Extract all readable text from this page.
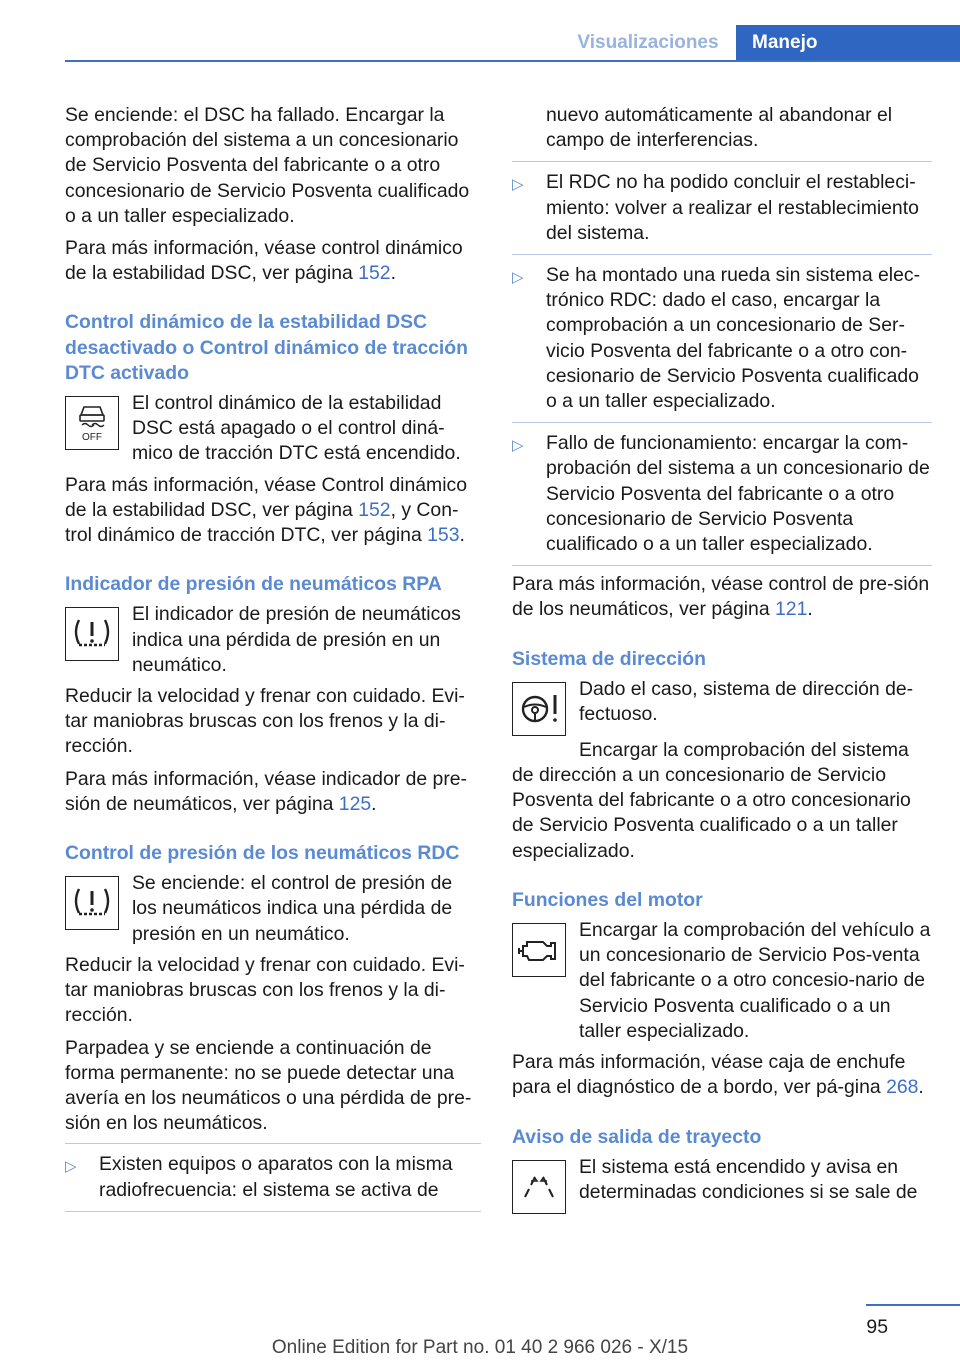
Visualizaciones	Manejo

Se enciende: el DSC ha fallado. Encargar la comprobación del sistema a un concesionario de Servicio Posventa del fabricante o a otro concesionario de Servicio Posventa cualificado o a un taller especializado.

Para más información, véase control dinámico de la estabilidad DSC, ver página 152.

Control dinámico de la estabilidad DSC desactivado o Control dinámico de tracción DTC activado
OFF
El control dinámico de la estabilidad DSC está apagado o el control diná‐mico de tracción DTC está encendido.

Para más información, véase Control dinámico de la estabilidad DSC, ver página 152, y Con‐trol dinámico de tracción DTC, ver página 153.

Indicador de presión de neumáticos RPA
El indicador de presión de neumáticos indica una pérdida de presión en un neumático.

Reducir la velocidad y frenar con cuidado. Evi‐tar maniobras bruscas con los frenos y la di‐rección.

Para más información, véase indicador de pre‐sión de neumáticos, ver página 125.

Control de presión de los neumáticos RDC
Se enciende: el control de presión de los neumáticos indica una pérdida de presión en un neumático.

Reducir la velocidad y frenar con cuidado. Evi‐tar maniobras bruscas con los frenos y la di‐rección.

Parpadea y se enciende a continuación de forma permanente: no se puede detectar una avería en los neumáticos o una pérdida de pre‐sión en los neumáticos.

▷	Existen equipos o aparatos con la misma radiofrecuencia: el sistema se activa de
nuevo automáticamente al abandonar el campo de interferencias.
▷	El RDC no ha podido concluir el restableci‐miento: volver a realizar el restablecimiento del sistema.
▷	Se ha montado una rueda sin sistema elec‐trónico RDC: dado el caso, encargar la comprobación a un concesionario de Ser‐vicio Posventa del fabricante o a otro con‐cesionario de Servicio Posventa cualificado o a un taller especializado.
▷	Fallo de funcionamiento: encargar la com‐probación del sistema a un concesionario de Servicio Posventa del fabricante o a otro concesionario de Servicio Posventa cualificado o a un taller especializado.

Para más información, véase control de pre‐sión de los neumáticos, ver página 121.

Sistema de dirección
Dado el caso, sistema de dirección de‐fectuoso.

Encargar la comprobación del sistema de dirección a un concesionario de Servicio Posventa del fabricante o a otro concesionario de Servicio Posventa cualificado o a un taller especializado.

Funciones del motor
Encargar la comprobación del vehículo a un concesionario de Servicio Pos‐venta del fabricante o a otro concesio‐nario de Servicio Posventa cualificado o a un taller especializado.

Para más información, véase caja de enchufe para el diagnóstico de a bordo, ver pá‐gina 268.

Aviso de salida de trayecto
El sistema está encendido y avisa en determinadas condiciones si se sale de
95
Online Edition for Part no. 01 40 2 966 026 - X/15
